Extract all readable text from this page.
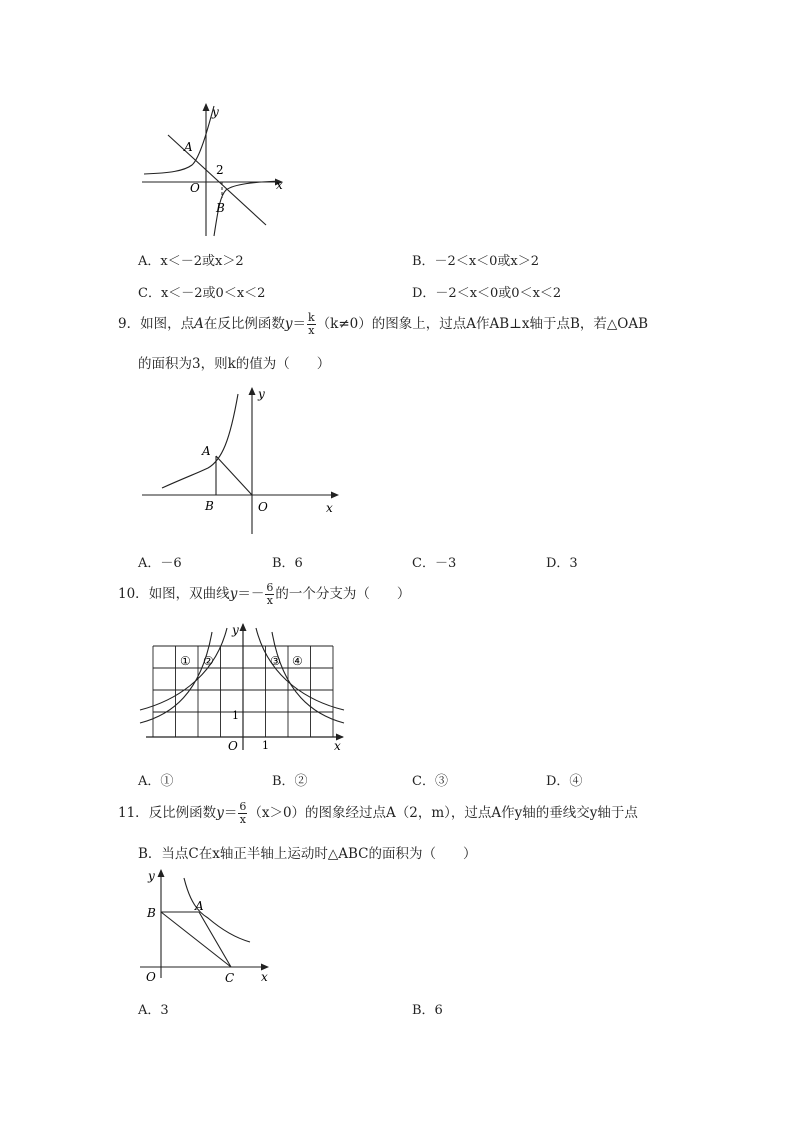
y
x
O
A
B
2
A．x＜－2或x＞2	B．－2＜x＜0或x＞2
C．x＜－2或0＜x＜2	D．－2＜x＜0或0＜x＜2
9．如图，点A在反比例函数$y= \frac{k}{x} (k\ne 0)$的图象上，过点A作AB⊥x轴于点B，若△OAB
的面积为3，则k的值为（　　）
y
x
O
A
B
A．－6	B．6	C．－3	D．3
10．如图，双曲线$y=- \frac{6}{x}$ 的一个分支为（　　）
y
x
O 1
1
① ②	③ ④
A．①	B．②	C．③	D．④
11．反比例函数$y= \frac{6}{x} (x>0)$的图象经过点A（2，m），过点A作y轴的垂线交y轴于点
B．当点C在x轴正半轴上运动时△ABC的面积为（　　）
y
x
O
A
B
C
A．3	B．6
